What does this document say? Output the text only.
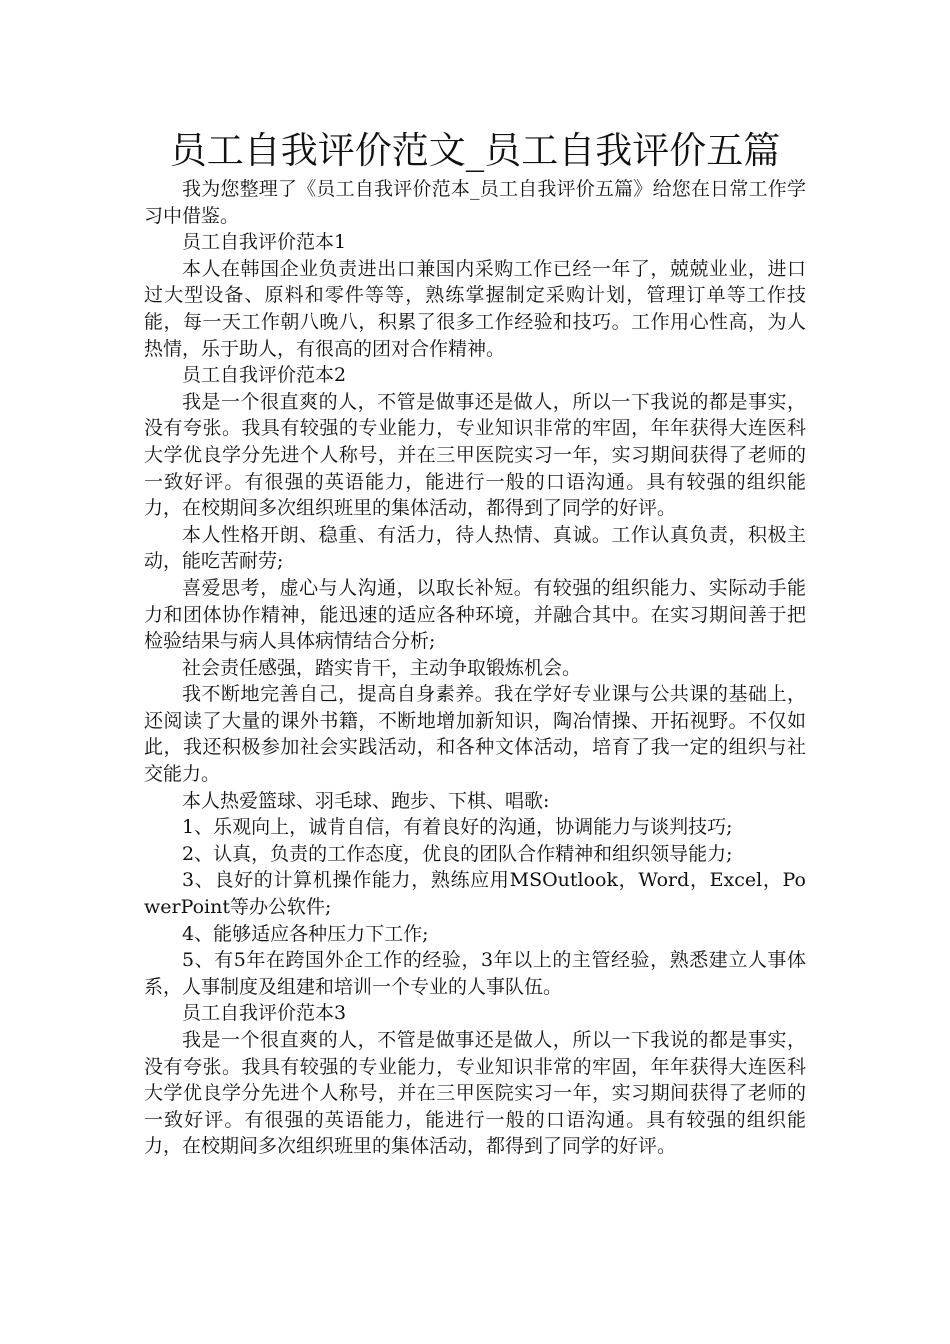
员工自我评价范文_员工自我评价五篇

我为您整理了《员工自我评价范本_员工自我评价五篇》给您在日常工作学习中借鉴。

员工自我评价范本1

本人在韩国企业负责进出口兼国内采购工作已经一年了，兢兢业业，进口过大型设备、原料和零件等等，熟练掌握制定采购计划，管理订单等工作技能，每一天工作朝八晚八，积累了很多工作经验和技巧。工作用心性高，为人热情，乐于助人，有很高的团对合作精神。

员工自我评价范本2

我是一个很直爽的人，不管是做事还是做人，所以一下我说的都是事实，没有夸张。我具有较强的专业能力，专业知识非常的牢固，年年获得大连医科大学优良学分先进个人称号，并在三甲医院实习一年，实习期间获得了老师的一致好评。有很强的英语能力，能进行一般的口语沟通。具有较强的组织能力，在校期间多次组织班里的集体活动，都得到了同学的好评。

本人性格开朗、稳重、有活力，待人热情、真诚。工作认真负责，积极主动，能吃苦耐劳;

喜爱思考，虚心与人沟通，以取长补短。有较强的组织能力、实际动手能力和团体协作精神，能迅速的适应各种环境，并融合其中。在实习期间善于把检验结果与病人具体病情结合分析;

社会责任感强，踏实肯干，主动争取锻炼机会。

我不断地完善自己，提高自身素养。我在学好专业课与公共课的基础上，还阅读了大量的课外书籍，不断地增加新知识，陶冶情操、开拓视野。不仅如此，我还积极参加社会实践活动，和各种文体活动，培育了我一定的组织与社交能力。

本人热爱篮球、羽毛球、跑步、下棋、唱歌:

1、乐观向上，诚肯自信，有着良好的沟通，协调能力与谈判技巧;

2、认真，负责的工作态度，优良的团队合作精神和组织领导能力;

3、良好的计算机操作能力，熟练应用MSOutlook，Word，Excel，PowerPoint等办公软件;

4、能够适应各种压力下工作;

5、有5年在跨国外企工作的经验，3年以上的主管经验，熟悉建立人事体系，人事制度及组建和培训一个专业的人事队伍。

员工自我评价范本3

我是一个很直爽的人，不管是做事还是做人，所以一下我说的都是事实，没有夸张。我具有较强的专业能力，专业知识非常的牢固，年年获得大连医科大学优良学分先进个人称号，并在三甲医院实习一年，实习期间获得了老师的一致好评。有很强的英语能力，能进行一般的口语沟通。具有较强的组织能力，在校期间多次组织班里的集体活动，都得到了同学的好评。
